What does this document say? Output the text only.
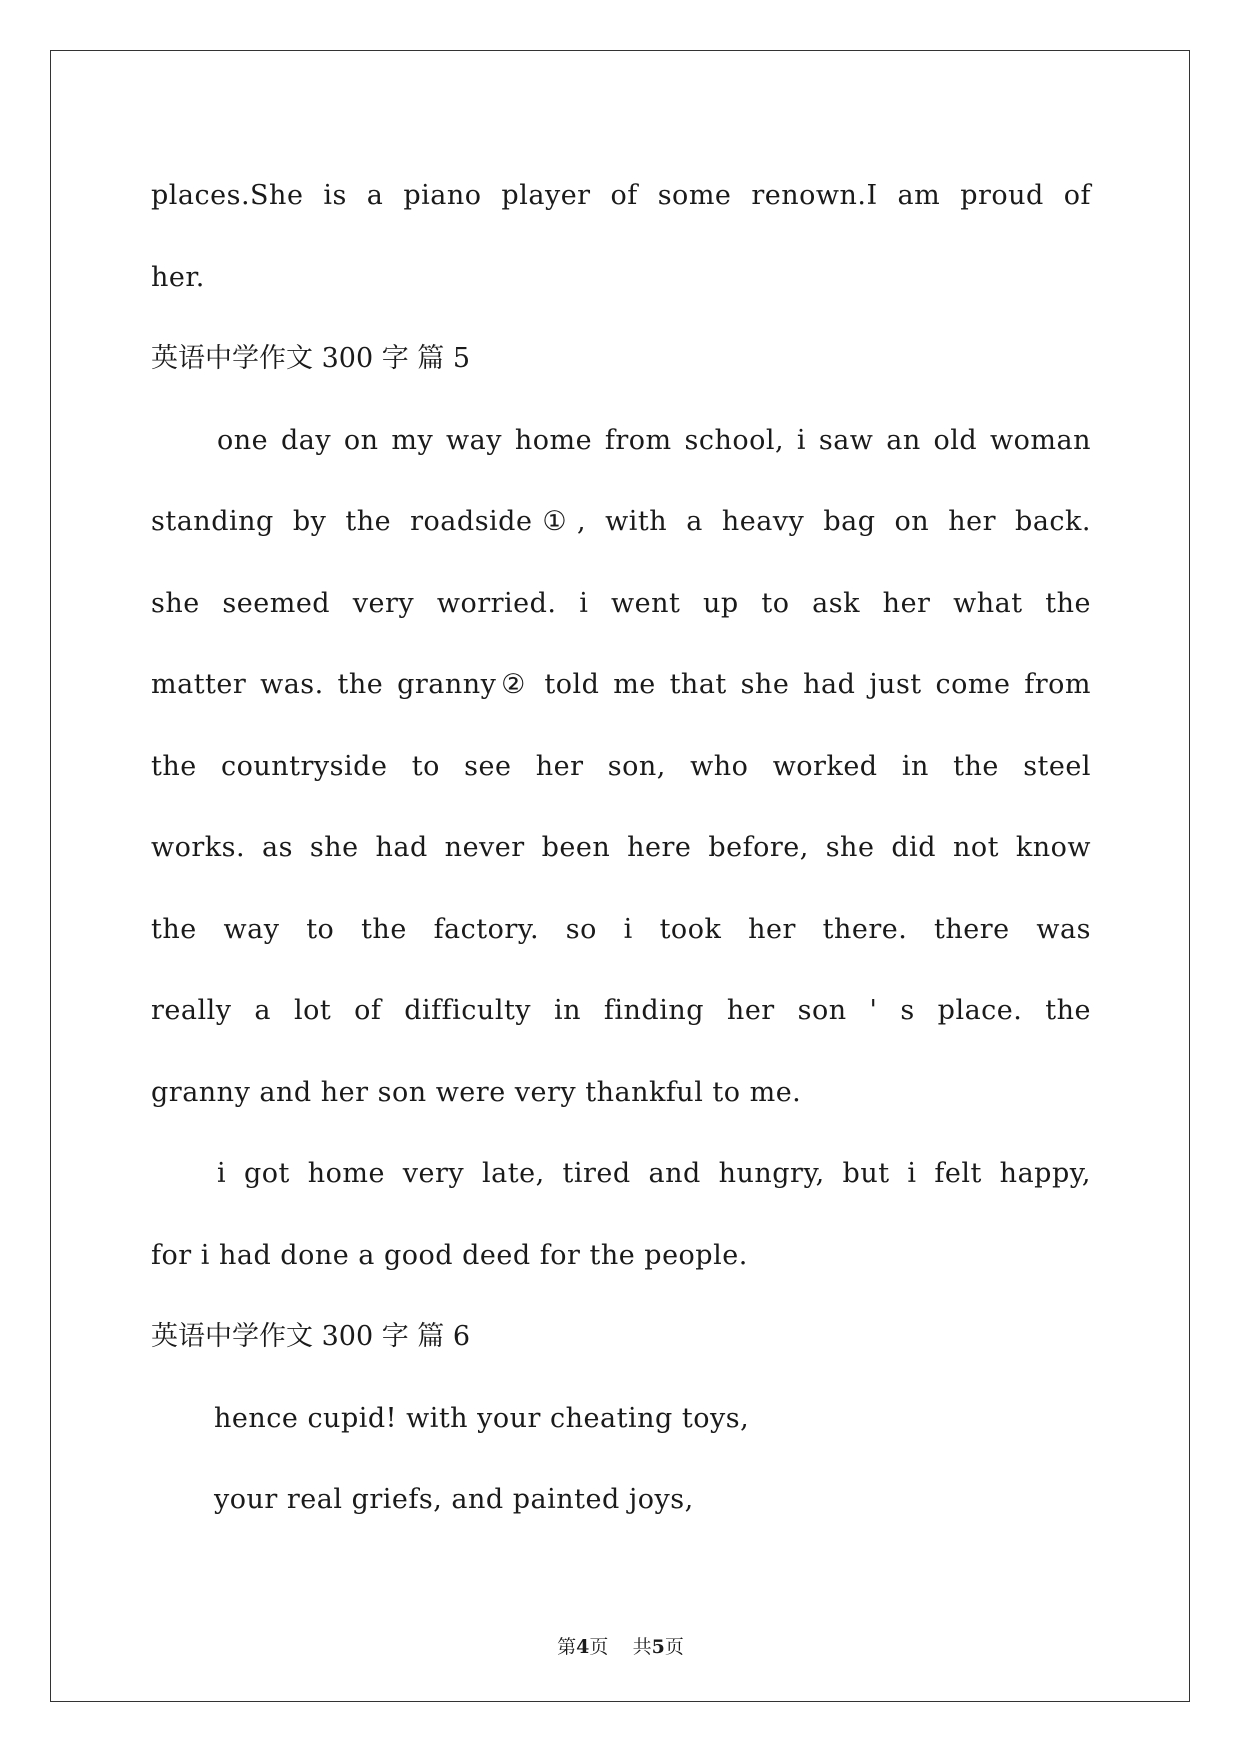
places.She is a piano player of some renown.I am proud of
her.
英语中学作文 300 字 篇 5
one day on my way home from school, i saw an old woman
standing by the roadside①, with a heavy bag on her back.
she seemed very worried. i went up to ask her what the
matter was. the granny② told me that she had just come from
the countryside to see her son, who worked in the steel
works. as she had never been here before, she did not know
the way to the factory. so i took her there. there was
really a lot of difficulty in finding her son ' s place. the
granny and her son were very thankful to me.
i got home very late, tired and hungry, but i felt happy,
for i had done a good deed for the people.
英语中学作文 300 字 篇 6
hence cupid! with your cheating toys,
your real griefs, and painted joys,
第4页    共5页
